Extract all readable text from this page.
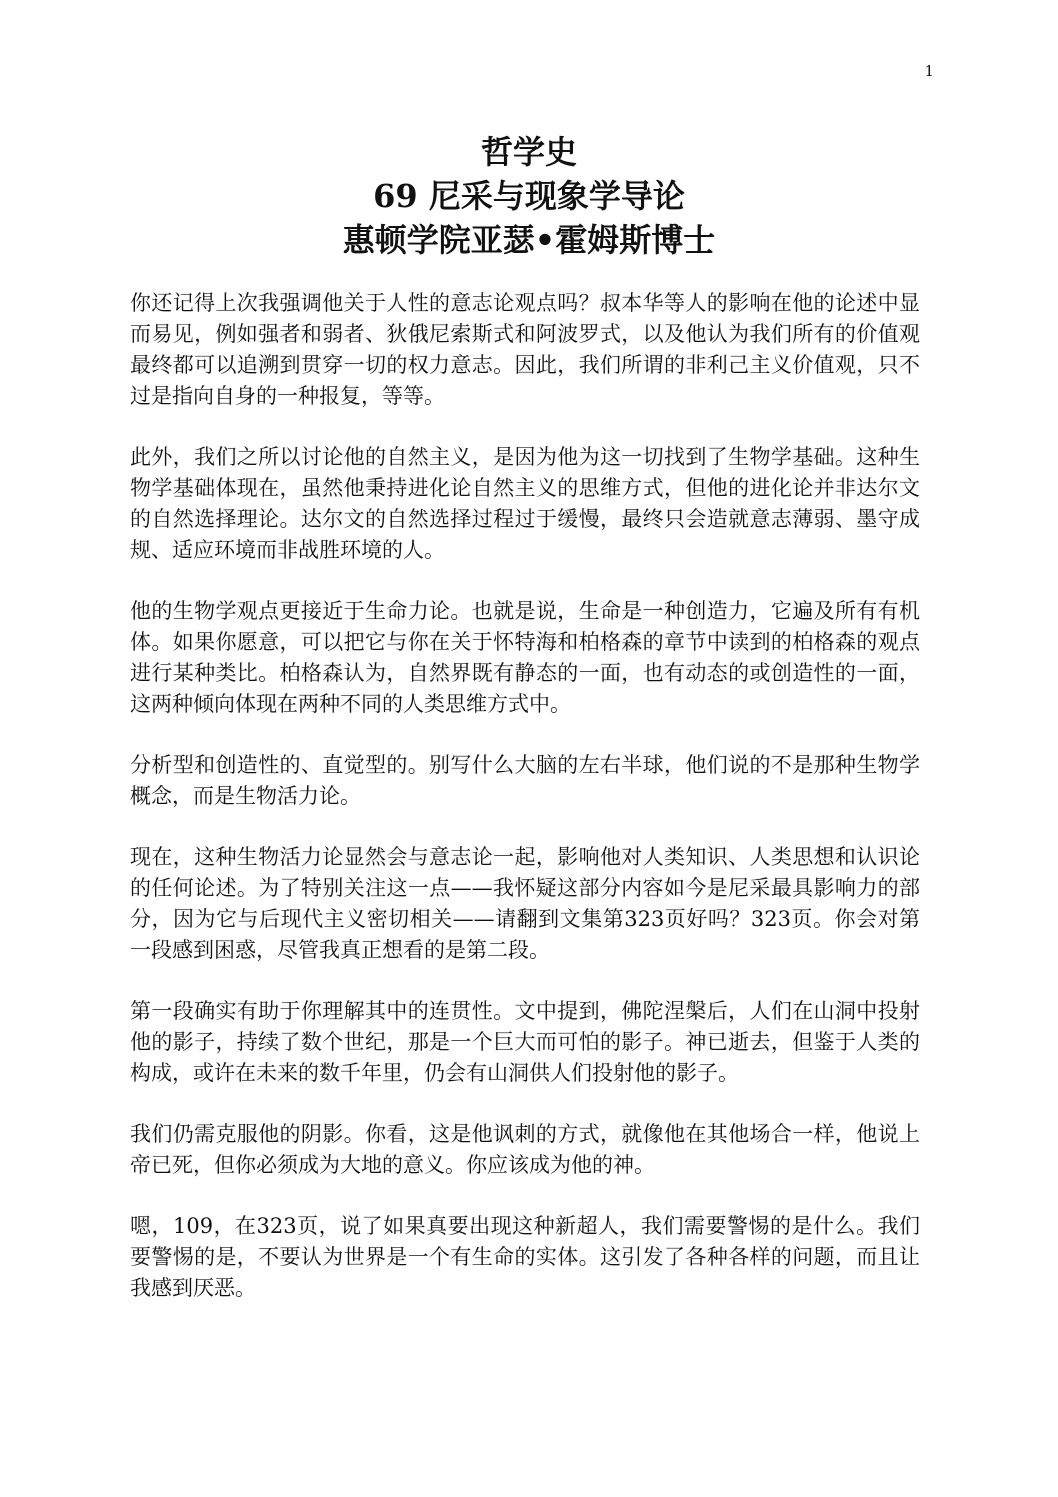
1
哲学史
69 尼采与现象学导论
惠顿学院亚瑟•霍姆斯博士

你还记得上次我强调他关于人性的意志论观点吗？叔本华等人的影响在他的论述中显而易见，例如强者和弱者、狄俄尼索斯式和阿波罗式，以及他认为我们所有的价值观最终都可以追溯到贯穿一切的权力意志。因此，我们所谓的非利己主义价值观，只不过是指向自身的一种报复，等等。

此外，我们之所以讨论他的自然主义，是因为他为这一切找到了生物学基础。这种生物学基础体现在，虽然他秉持进化论自然主义的思维方式，但他的进化论并非达尔文的自然选择理论。达尔文的自然选择过程过于缓慢，最终只会造就意志薄弱、墨守成规、适应环境而非战胜环境的人。

他的生物学观点更接近于生命力论。也就是说，生命是一种创造力，它遍及所有有机体。如果你愿意，可以把它与你在关于怀特海和柏格森的章节中读到的柏格森的观点进行某种类比。柏格森认为，自然界既有静态的一面，也有动态的或创造性的一面，这两种倾向体现在两种不同的人类思维方式中。

分析型和创造性的、直觉型的。别写什么大脑的左右半球，他们说的不是那种生物学概念，而是生物活力论。

现在，这种生物活力论显然会与意志论一起，影响他对人类知识、人类思想和认识论的任何论述。为了特别关注这一点——我怀疑这部分内容如今是尼采最具影响力的部分，因为它与后现代主义密切相关——请翻到文集第323页好吗？323页。你会对第一段感到困惑，尽管我真正想看的是第二段。

第一段确实有助于你理解其中的连贯性。文中提到，佛陀涅槃后，人们在山洞中投射他的影子，持续了数个世纪，那是一个巨大而可怕的影子。神已逝去，但鉴于人类的构成，或许在未来的数千年里，仍会有山洞供人们投射他的影子。

我们仍需克服他的阴影。你看，这是他讽刺的方式，就像他在其他场合一样，他说上帝已死，但你必须成为大地的意义。你应该成为他的神。

嗯，109，在323页，说了如果真要出现这种新超人，我们需要警惕的是什么。我们要警惕的是，不要认为世界是一个有生命的实体。这引发了各种各样的问题，而且让我感到厌恶。
